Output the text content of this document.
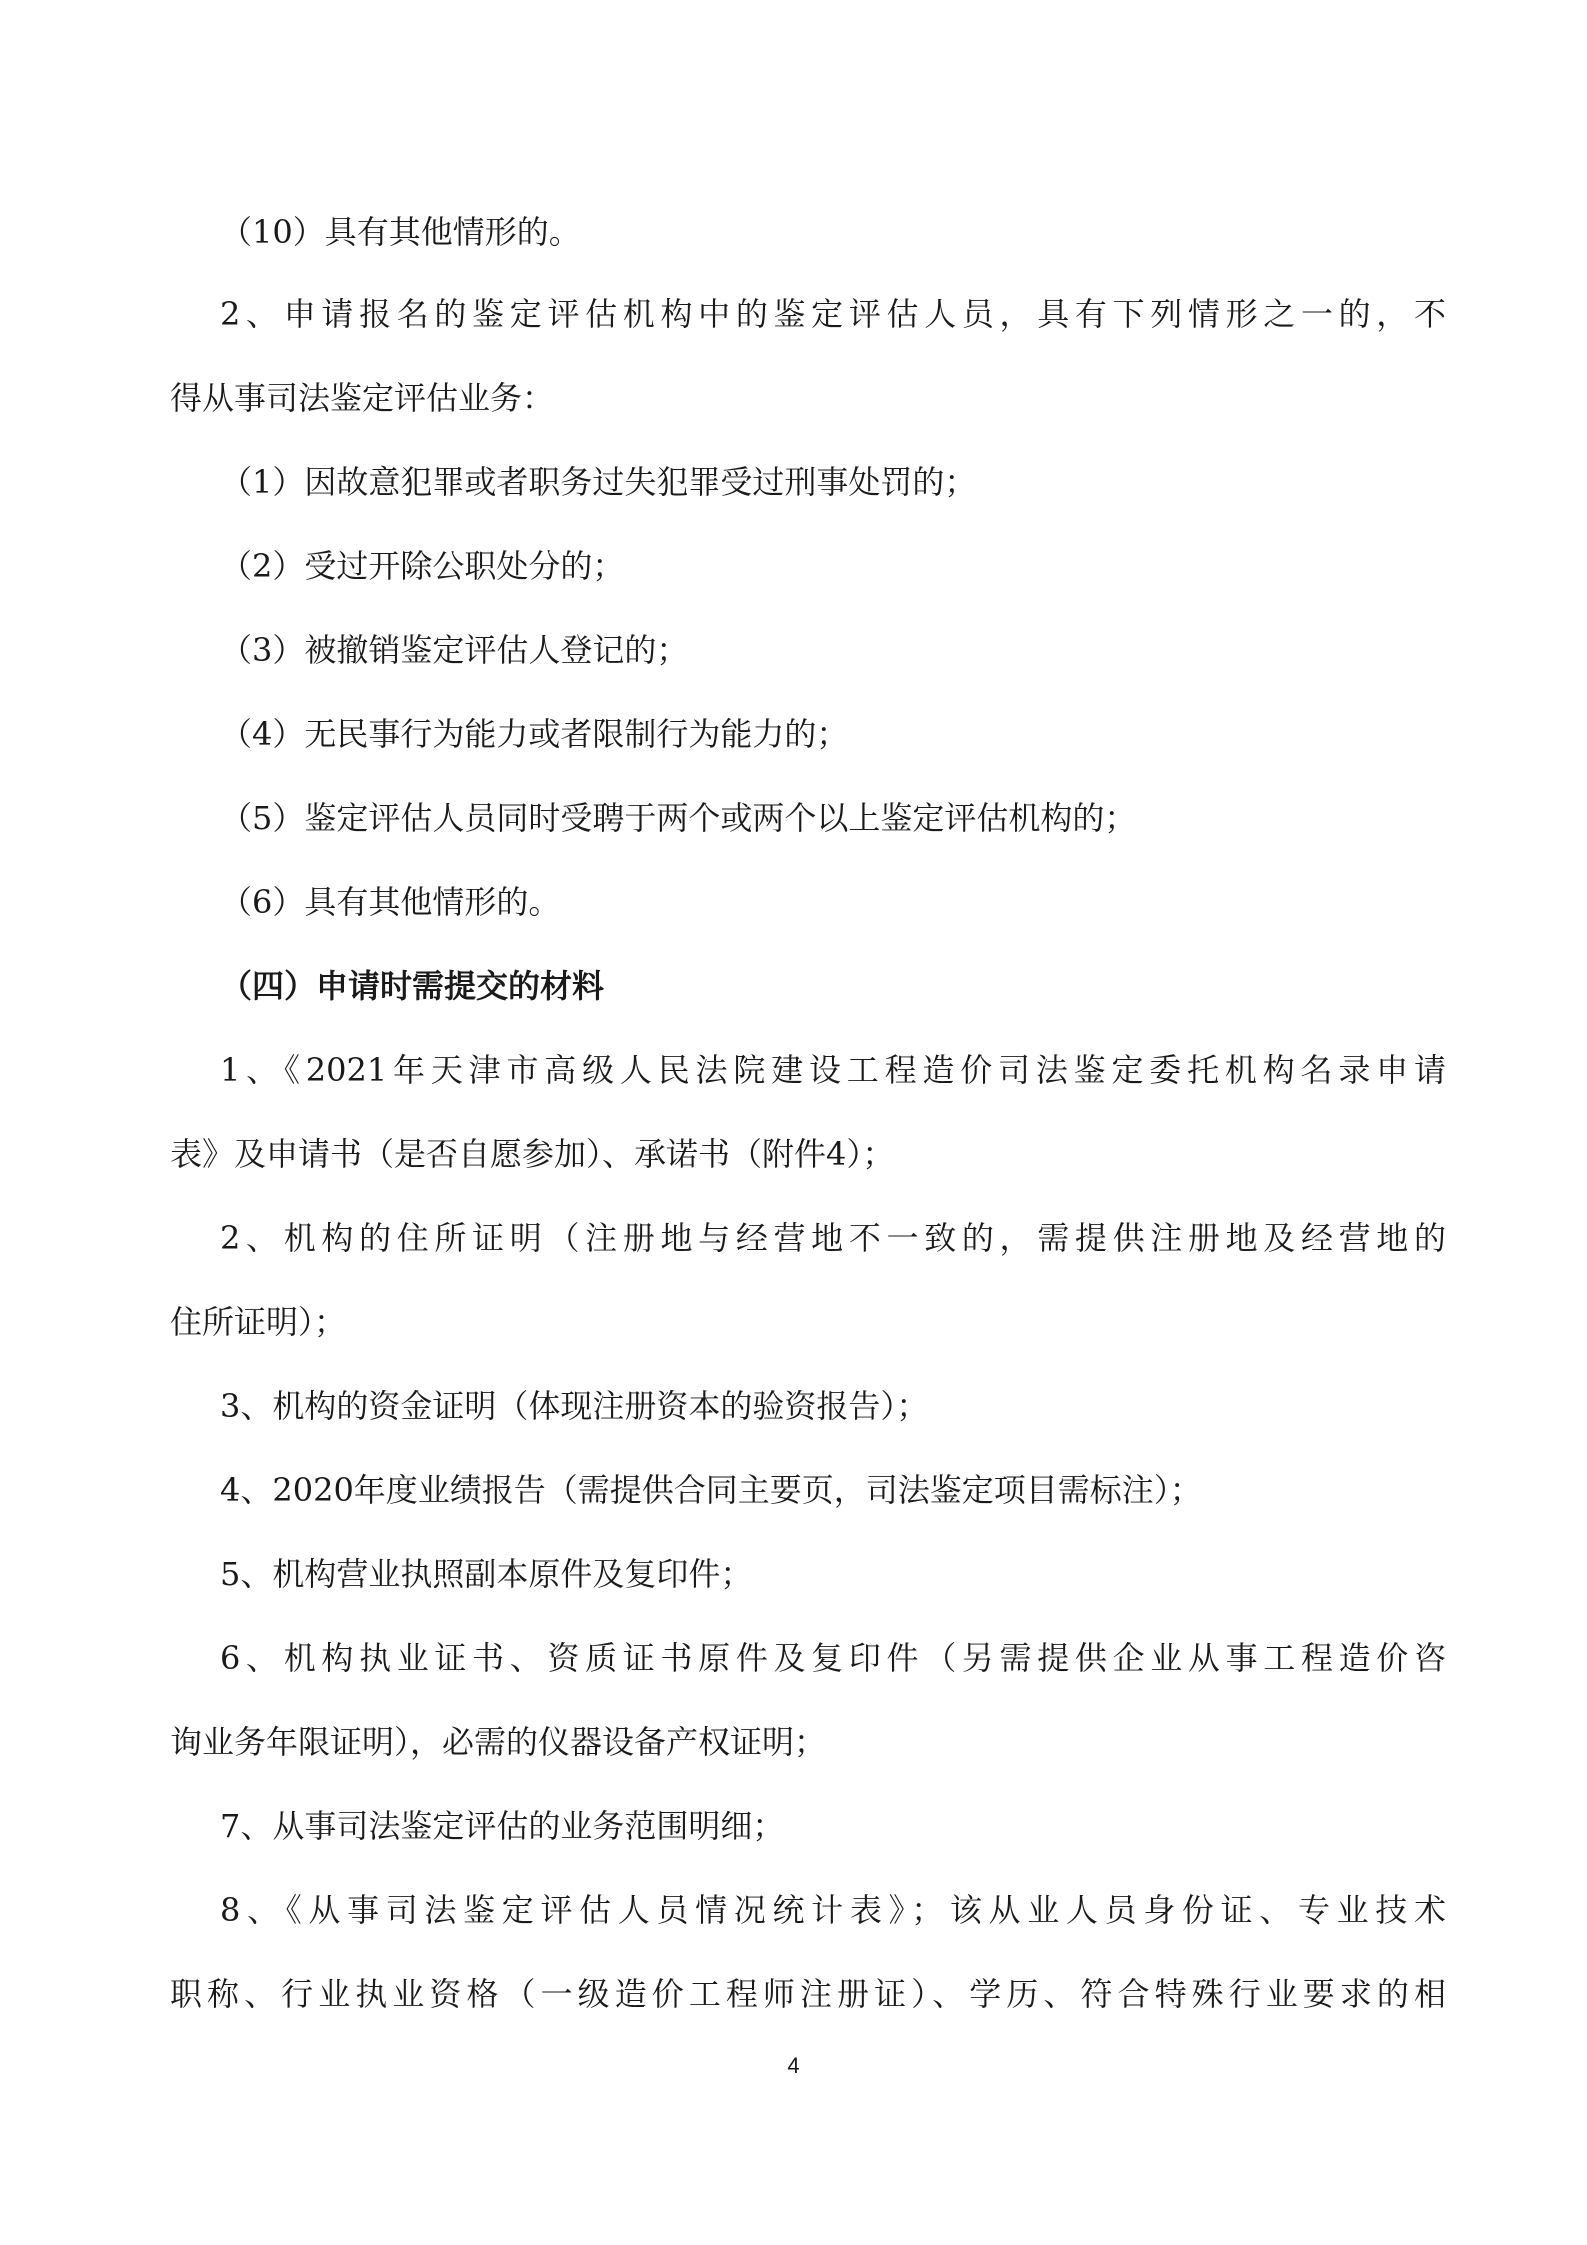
（10）具有其他情形的。
2、申请报名的鉴定评估机构中的鉴定评估人员，具有下列情形之一的，不
得从事司法鉴定评估业务：
（1）因故意犯罪或者职务过失犯罪受过刑事处罚的；
（2）受过开除公职处分的；
（3）被撤销鉴定评估人登记的；
（4）无民事行为能力或者限制行为能力的；
（5）鉴定评估人员同时受聘于两个或两个以上鉴定评估机构的；
（6）具有其他情形的。
（四）申请时需提交的材料
1、《2021年天津市高级人民法院建设工程造价司法鉴定委托机构名录申请
表》及申请书（是否自愿参加）、承诺书（附件4）；
2、机构的住所证明（注册地与经营地不一致的，需提供注册地及经营地的
住所证明）；
3、机构的资金证明（体现注册资本的验资报告）；
4、2020年度业绩报告（需提供合同主要页，司法鉴定项目需标注）；
5、机构营业执照副本原件及复印件；
6、机构执业证书、资质证书原件及复印件（另需提供企业从事工程造价咨
询业务年限证明），必需的仪器设备产权证明；
7、从事司法鉴定评估的业务范围明细；
8、《从事司法鉴定评估人员情况统计表》；该从业人员身份证、专业技术
职称、行业执业资格（一级造价工程师注册证）、学历、符合特殊行业要求的相
4
